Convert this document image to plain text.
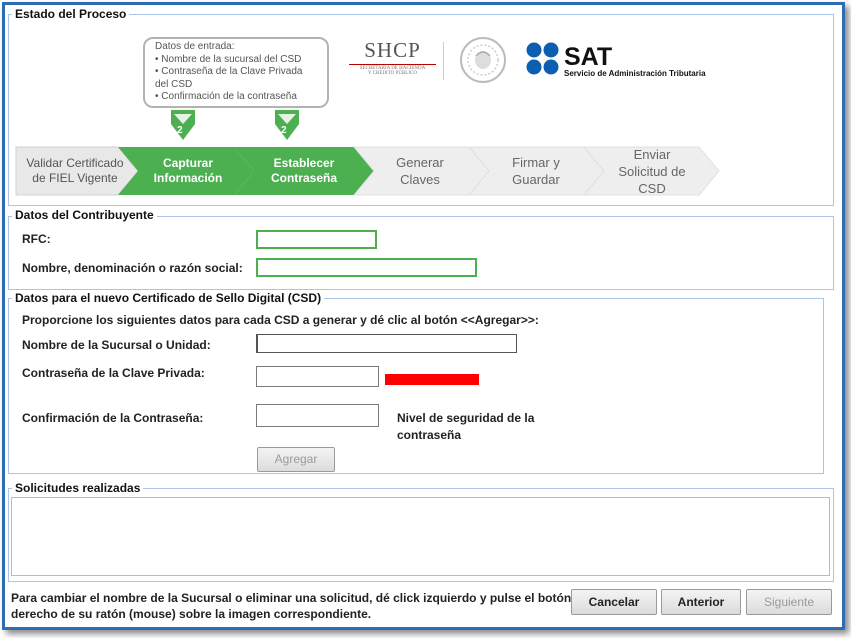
Estado del Proceso
Datos de entrada:
• Nombre de la sucursal del CSD
• Contraseña de la Clave Privada
del CSD
• Confirmación de la contraseña
2	2
Validar Certificado
de FIEL Vigente
Capturar
Información
Establecer
Contraseña
Generar
Claves
Firmar y
Guardar
Enviar
Solicitud de
CSD
SHCP
SECRETARÍA DE HACIENDA
Y CRÉDITO PÚBLICO
SAT
Servicio de Administración Tributaria
Datos del Contribuyente
RFC:
Nombre, denominación o razón social:
Datos para el nuevo Certificado de Sello Digital (CSD)
Proporcione los siguientes datos para cada CSD a generar y dé clic al botón <<Agregar>>:
Nombre de la Sucursal o Unidad:
Contraseña de la Clave Privada:
Confirmación de la Contraseña:	Nivel de seguridad de la
contraseña
Agregar
Solicitudes realizadas
Para cambiar el nombre de la Sucursal o eliminar una solicitud, dé click izquierdo y pulse el botón
derecho de su ratón (mouse) sobre la imagen correspondiente.
Cancelar	Anterior	Siguiente
